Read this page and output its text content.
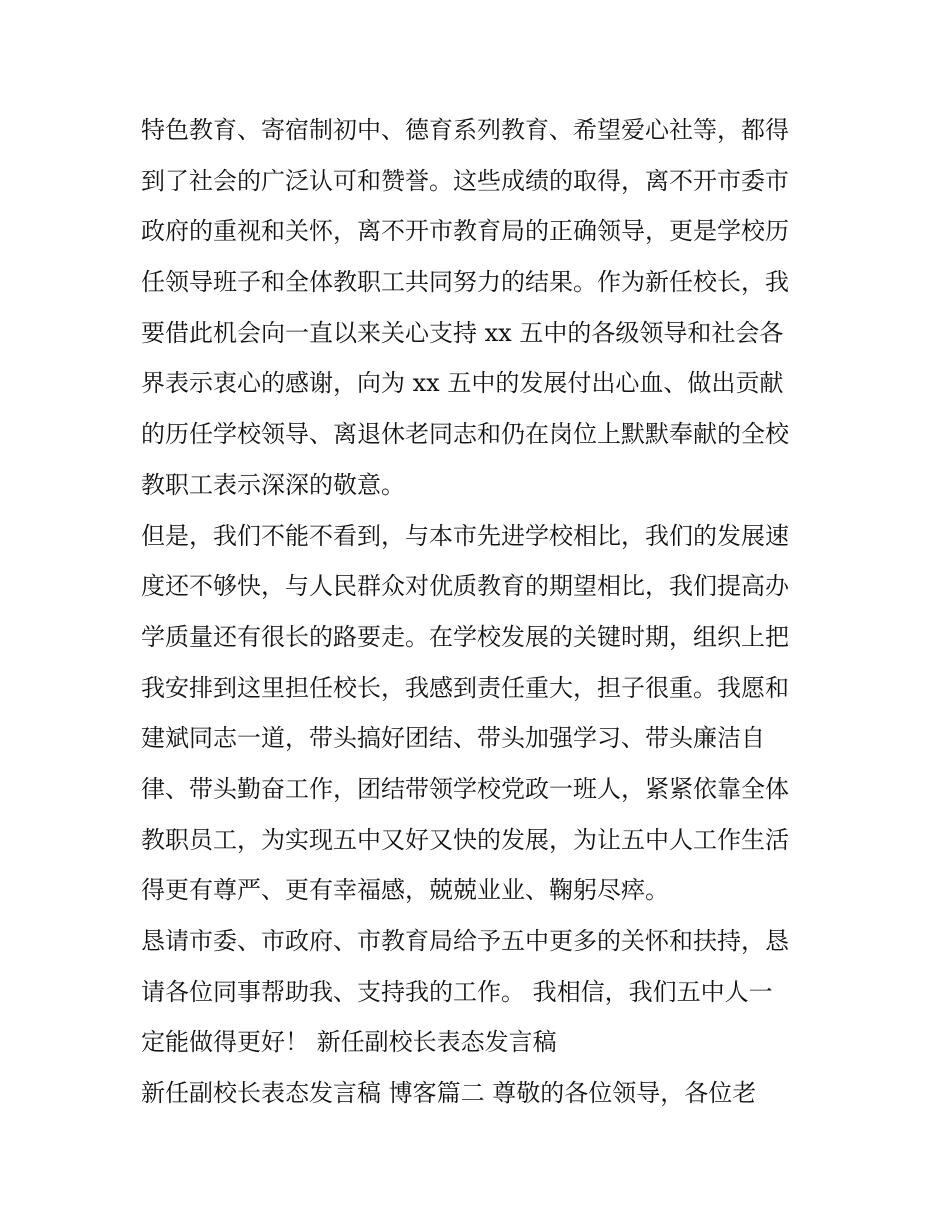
特色教育、寄宿制初中、德育系列教育、希望爱心社等，都得
到了社会的广泛认可和赞誉。这些成绩的取得，离不开市委市
政府的重视和关怀，离不开市教育局的正确领导，更是学校历
任领导班子和全体教职工共同努力的结果。作为新任校长，我
要借此机会向一直以来关心支持 xx 五中的各级领导和社会各
界表示衷心的感谢，向为 xx 五中的发展付出心血、做出贡献
的历任学校领导、离退休老同志和仍在岗位上默默奉献的全校
教职工表示深深的敬意。
但是，我们不能不看到，与本市先进学校相比，我们的发展速
度还不够快，与人民群众对优质教育的期望相比，我们提高办
学质量还有很长的路要走。在学校发展的关键时期，组织上把
我安排到这里担任校长，我感到责任重大，担子很重。我愿和
建斌同志一道，带头搞好团结、带头加强学习、带头廉洁自
律、带头勤奋工作，团结带领学校党政一班人，紧紧依靠全体
教职员工，为实现五中又好又快的发展，为让五中人工作生活
得更有尊严、更有幸福感，兢兢业业、鞠躬尽瘁。
恳请市委、市政府、市教育局给予五中更多的关怀和扶持，恳
请各位同事帮助我、支持我的工作。 我相信，我们五中人一
定能做得更好！ 新任副校长表态发言稿
新任副校长表态发言稿 博客篇二 尊敬的各位领导，各位老
